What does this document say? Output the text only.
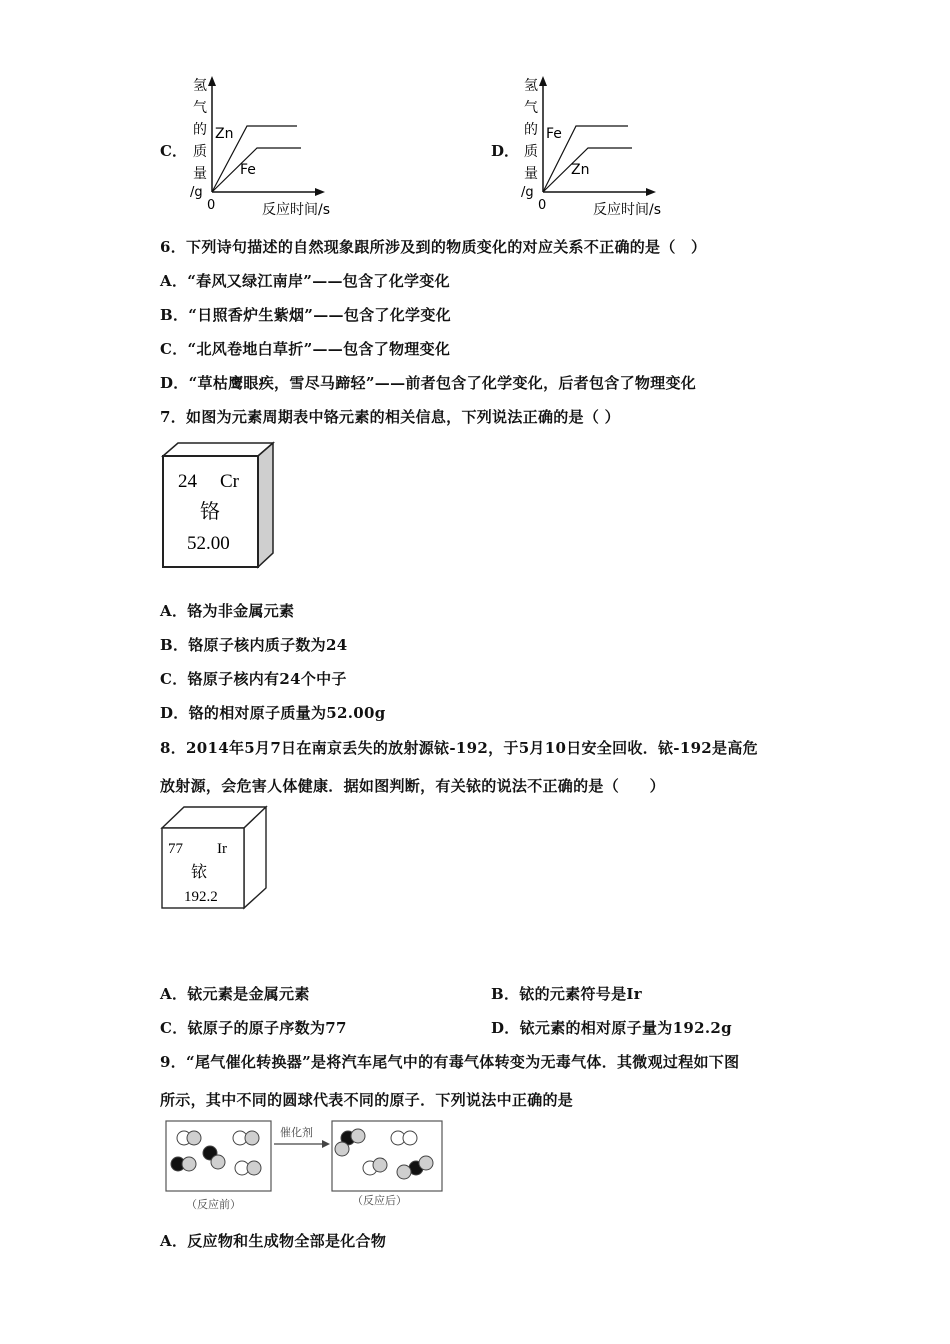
C．
氢
气
的
质
量
/g
0	反应时间/s
Zn
Fe
D．
氢
气
的
质
量
/g
0	反应时间/s
Fe
Zn
6．下列诗句描述的自然现象跟所涉及到的物质变化的对应关系不正确的是（　）
A．“春风又绿江南岸”——包含了化学变化
B．“日照香炉生紫烟”——包含了化学变化
C．“北风卷地白草折”——包含了物理变化
D．“草枯鹰眼疾，雪尽马蹄轻”——前者包含了化学变化，后者包含了物理变化
7．如图为元素周期表中铬元素的相关信息，下列说法正确的是（ ）
24 Cr
铬
52.00
A．铬为非金属元素
B．铬原子核内质子数为24
C．铬原子核内有24个中子
D．铬的相对原子质量为52.00g
8．2014年5月7日在南京丢失的放射源铱-192，于5月10日安全回收．铱-192是高危
放射源，会危害人体健康．据如图判断，有关铱的说法不正确的是（　　）
77 Ir
铱
192.2
A．铱元素是金属元素	B．铱的元素符号是Ir
C．铱原子的原子序数为77	D．铱元素的相对原子量为192.2g
9．“尾气催化转换器”是将汽车尾气中的有毒气体转变为无毒气体．其微观过程如下图
所示，其中不同的圆球代表不同的原子．下列说法中正确的是
催化剂
（反应前）	（反应后）
A．反应物和生成物全部是化合物
